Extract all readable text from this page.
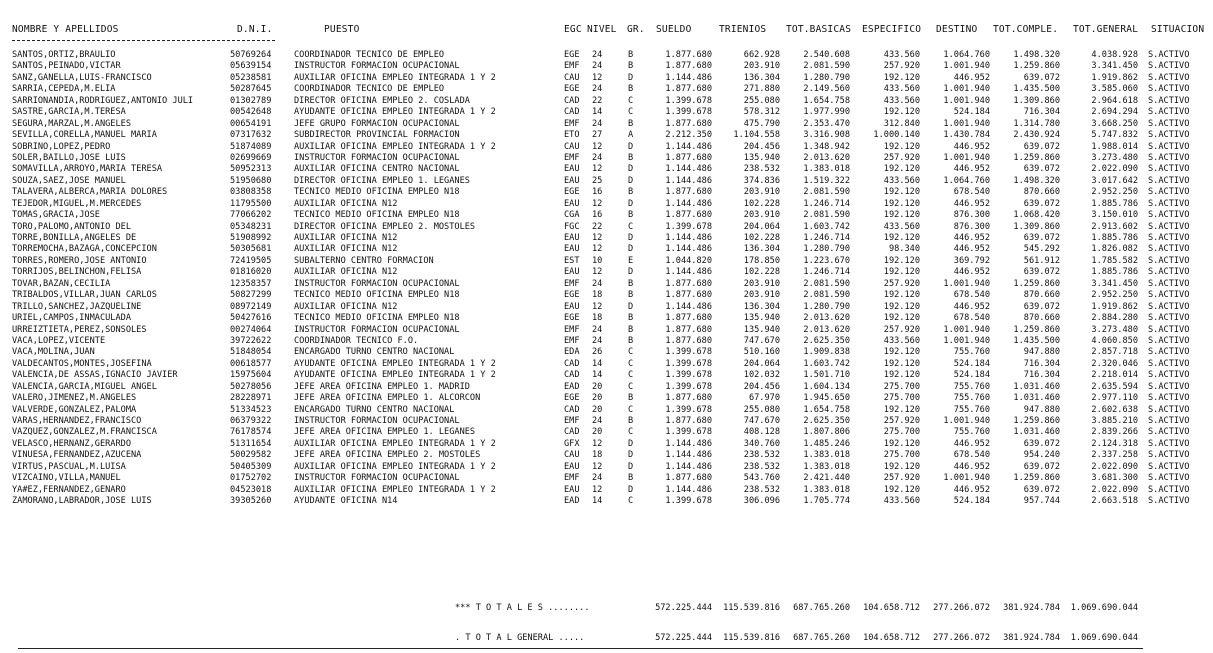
NOMBRE Y APELLIDOS	D.N.I.	PUESTO	EGC NIVEL GR. SUELDO	TRIENIOS TOT.BASICAS ESPECIFICO DESTINO TOT.COMPLE. TOT.GENERAL SITUACION
SANTOS,ORTIZ,BRAULIO	50769264	COORDINADOR TECNICO DE EMPLEO	EGE	24	B	1.877.680	662.928	2.540.608	433.560	1.064.760	1.498.320	4.038.928 S.ACTIVO
SANTOS,PEINADO,VICTAR	05639154	INSTRUCTOR FORMACION OCUPACIONAL	EMF	24	B	1.877.680	203.910	2.081.590	257.920	1.001.940	1.259.860	3.341.450 S.ACTIVO
SANZ,GANELLA,LUIS-FRANCISCO	05238581	AUXILIAR OFICINA EMPLEO INTEGRADA 1 Y 2	CAU	12	D	1.144.486	136.304	1.280.790	192.120	446.952	639.072	1.919.862 S.ACTIVO
SARRIA,CEPEDA,M.ELIA	50287645	COORDINADOR TECNICO DE EMPLEO	EGE	24	B	1.877.680	271.880	2.149.560	433.560	1.001.940	1.435.500	3.585.060 S.ACTIVO
SARRIONANDIA,RODRIGUEZ,ANTONIO JULI	01302789	DIRECTOR OFICINA EMPLEO 2. COSLADA	CAD	22	C	1.399.678	255.080	1.654.758	433.560	1.001.940	1.309.860	2.964.618 S.ACTIVO
SASTRE,GARCIA,M.TERESA	00542648	AYUDANTE OFICINA EMPLEO INTEGRADA 1 Y 2	CAD	14	C	1.399.678	578.312	1.977.990	192.120	524.184	716.304	2.694.294 S.ACTIVO
SEGURA,MARZAL,M.ANGELES	00654191	JEFE GRUPO FORMACION OCUPACIONAL	EMF	24	B	1.877.680	475.790	2.353.470	312.840	1.001.940	1.314.780	3.668.250 S.ACTIVO
SEVILLA,CORELLA,MANUEL MARIA	07317632	SUBDIRECTOR PROVINCIAL FORMACION	ETO	27	A	2.212.350	1.104.558	3.316.908	1.000.140	1.430.784	2.430.924	5.747.832 S.ACTIVO
SOBRINO,LOPEZ,PEDRO	51874089	AUXILIAR OFICINA EMPLEO INTEGRADA 1 Y 2	CAU	12	D	1.144.486	204.456	1.348.942	192.120	446.952	639.072	1.988.014 S.ACTIVO
SOLER,BAILLO,JOSE LUIS	02699669	INSTRUCTOR FORMACION OCUPACIONAL	EMF	24	B	1.877.680	135.940	2.013.620	257.920	1.001.940	1.259.860	3.273.480 S.ACTIVO
SOMAVILLA,ARROYO,MARIA TERESA	50952313	AUXILIAR OFICINA CENTRO NACIONAL	EAU	12	D	1.144.486	238.532	1.383.018	192.120	446.952	639.072	2.022.090 S.ACTIVO
SOUZA,SAEZ,JOSE MANUEL	51950680	DIRECTOR OFICINA EMPLEO 1. LEGANES	EAU	25	D	1.144.486	374.836	1.519.322	433.560	1.064.760	1.498.320	3.017.642 S.ACTIVO
TALAVERA,ALBERCA,MARIA DOLORES	03808358	TECNICO MEDIO OFICINA EMPLEO N18	EGE	16	B	1.877.680	203.910	2.081.590	192.120	678.540	870.660	2.952.250 S.ACTIVO
TEJEDOR,MIGUEL,M.MERCEDES	11795500	AUXILIAR OFICINA N12	EAU	12	D	1.144.486	102.228	1.246.714	192.120	446.952	639.072	1.885.786 S.ACTIVO
TOMAS,GRACIA,JOSE	77066202	TECNICO MEDIO OFICINA EMPLEO N18	CGA	16	B	1.877.680	203.910	2.081.590	192.120	876.300	1.068.420	3.150.010 S.ACTIVO
TORO,PALOMO,ANTONIO DEL	05348231	DIRECTOR OFICINA EMPLEO 2. MOSTOLES	FGC	22	C	1.399.678	204.064	1.603.742	433.560	876.300	1.309.860	2.913.602 S.ACTIVO
TORRE,BONILLA,ANGELES DE	51908992	AUXILIAR OFICINA N12	EAU	12	D	1.144.486	102.228	1.246.714	192.120	446.952	639.072	1.885.786 S.ACTIVO
TORREMOCHA,BAZAGA,CONCEPCION	50305681	AUXILIAR OFICINA N12	EAU	12	D	1.144.486	136.304	1.280.790	98.340	446.952	545.292	1.826.082 S.ACTIVO
TORRES,ROMERO,JOSE ANTONIO	72419505	SUBALTERNO CENTRO FORMACION	EST	10	E	1.044.820	178.850	1.223.670	192.120	369.792	561.912	1.785.582 S.ACTIVO
TORRIJOS,BELINCHON,FELISA	01816020	AUXILIAR OFICINA N12	EAU	12	D	1.144.486	102.228	1.246.714	192.120	446.952	639.072	1.885.786 S.ACTIVO
TOVAR,BAZAN,CECILIA	12358357	INSTRUCTOR FORMACION OCUPACIONAL	EMF	24	B	1.877.680	203.910	2.081.590	257.920	1.001.940	1.259.860	3.341.450 S.ACTIVO
TRIBALDOS,VILLAR,JUAN CARLOS	50827299	TECNICO MEDIO OFICINA EMPLEO N18	EGE	18	B	1.877.680	203.910	2.081.590	192.120	678.540	870.660	2.952.250 S.ACTIVO
TRILLO,SANCHEZ,JAZQUELINE	08972149	AUXILIAR OFICINA N12	EAU	12	D	1.144.486	136.304	1.280.790	192.120	446.952	639.072	1.919.862 S.ACTIVO
URIEL,CAMPOS,INMACULADA	50427616	TECNICO MEDIO OFICINA EMPLEO N18	EGE	18	B	1.877.680	135.940	2.013.620	192.120	678.540	870.660	2.884.280 S.ACTIVO
URREIZTIETA,PEREZ,SONSOLES	00274064	INSTRUCTOR FORMACION OCUPACIONAL	EMF	24	B	1.877.680	135.940	2.013.620	257.920	1.001.940	1.259.860	3.273.480 S.ACTIVO
VACA,LOPEZ,VICENTE	39722622	COORDINADOR TECNICO F.O.	EMF	24	B	1.877.680	747.670	2.625.350	433.560	1.001.940	1.435.500	4.060.850 S.ACTIVO
VACA,MOLINA,JUAN	51848054	ENCARGADO TURNO CENTRO NACIONAL	EDA	26	C	1.399.678	510.160	1.909.838	192.120	755.760	947.880	2.857.718 S.ACTIVO
VALDECANTOS,MONTES,JOSEFINA	00618577	AYUDANTE OFICINA EMPLEO INTEGRADA 1 Y 2	CAD	14	C	1.399.678	204.064	1.603.742	192.120	524.184	716.304	2.320.046 S.ACTIVO
VALENCIA,DE ASSAS,IGNACIO JAVIER	15975604	AYUDANTE OFICINA EMPLEO INTEGRADA 1 Y 2	CAD	14	C	1.399.678	102.032	1.501.710	192.120	524.184	716.304	2.218.014 S.ACTIVO
VALENCIA,GARCIA,MIGUEL ANGEL	50278056	JEFE AREA OFICINA EMPLEO 1. MADRID	EAD	20	C	1.399.678	204.456	1.604.134	275.700	755.760	1.031.460	2.635.594 S.ACTIVO
VALERO,JIMENEZ,M.ANGELES	28228971	JEFE AREA OFICINA EMPLEO 1. ALCORCON	EGE	20	B	1.877.680	67.970	1.945.650	275.700	755.760	1.031.460	2.977.110 S.ACTIVO
VALVERDE,GONZALEZ,PALOMA	51334523	ENCARGADO TURNO CENTRO NACIONAL	CAD	20	C	1.399.678	255.080	1.654.758	192.120	755.760	947.880	2.602.638 S.ACTIVO
VARAS,HERNANDEZ,FRANCISCO	06379322	INSTRUCTOR FORMACION OCUPACIONAL	EMF	24	B	1.877.680	747.670	2.625.350	257.920	1.001.940	1.259.860	3.885.210 S.ACTIVO
VAZQUEZ,GONZALEZ,M.FRANCISCA	76178574	JEFE AREA OFICINA EMPLEO 1. LEGANES	CAD	20	C	1.399.678	408.128	1.807.806	275.700	755.760	1.031.460	2.839.266 S.ACTIVO
VELASCO,HERNANZ,GERARDO	51311654	AUXILIAR OFICINA EMPLEO INTEGRADA 1 Y 2	GFX	12	D	1.144.486	340.760	1.485.246	192.120	446.952	639.072	2.124.318 S.ACTIVO
VINUESA,FERNANDEZ,AZUCENA	50029582	JEFE AREA OFICINA EMPLEO 2. MOSTOLES	CAU	18	D	1.144.486	238.532	1.383.018	275.700	678.540	954.240	2.337.258 S.ACTIVO
VIRTUS,PASCUAL,M.LUISA	50405309	AUXILIAR OFICINA EMPLEO INTEGRADA 1 Y 2	EAU	12	D	1.144.486	238.532	1.383.018	192.120	446.952	639.072	2.022.090 S.ACTIVO
VIZCAINO,VILLA,MANUEL	01752702	INSTRUCTOR FORMACION OCUPACIONAL	EMF	24	B	1.877.680	543.760	2.421.440	257.920	1.001.940	1.259.860	3.681.300 S.ACTIVO
YA#EZ,FERNANDEZ,GENARO	04523018	AUXILIAR OFICINA EMPLEO INTEGRADA 1 Y 2	EAU	12	D	1.144.486	238.532	1.383.018	192.120	446.952	639.072	2.022.090 S.ACTIVO
ZAMORANO,LABRADOR,JOSE LUIS	39305260	AYUDANTE OFICINA N14	EAD	14	C	1.399.678	306.096	1.705.774	433.560	524.184	957.744	2.663.518 S.ACTIVO
*** T O T A L E S ........	572.225.444	115.539.816	687.765.260	104.658.712	277.266.072	381.924.784	1.069.690.044
. T O T A L GENERAL .....	572.225.444	115.539.816	687.765.260	104.658.712	277.266.072	381.924.784	1.069.690.044
